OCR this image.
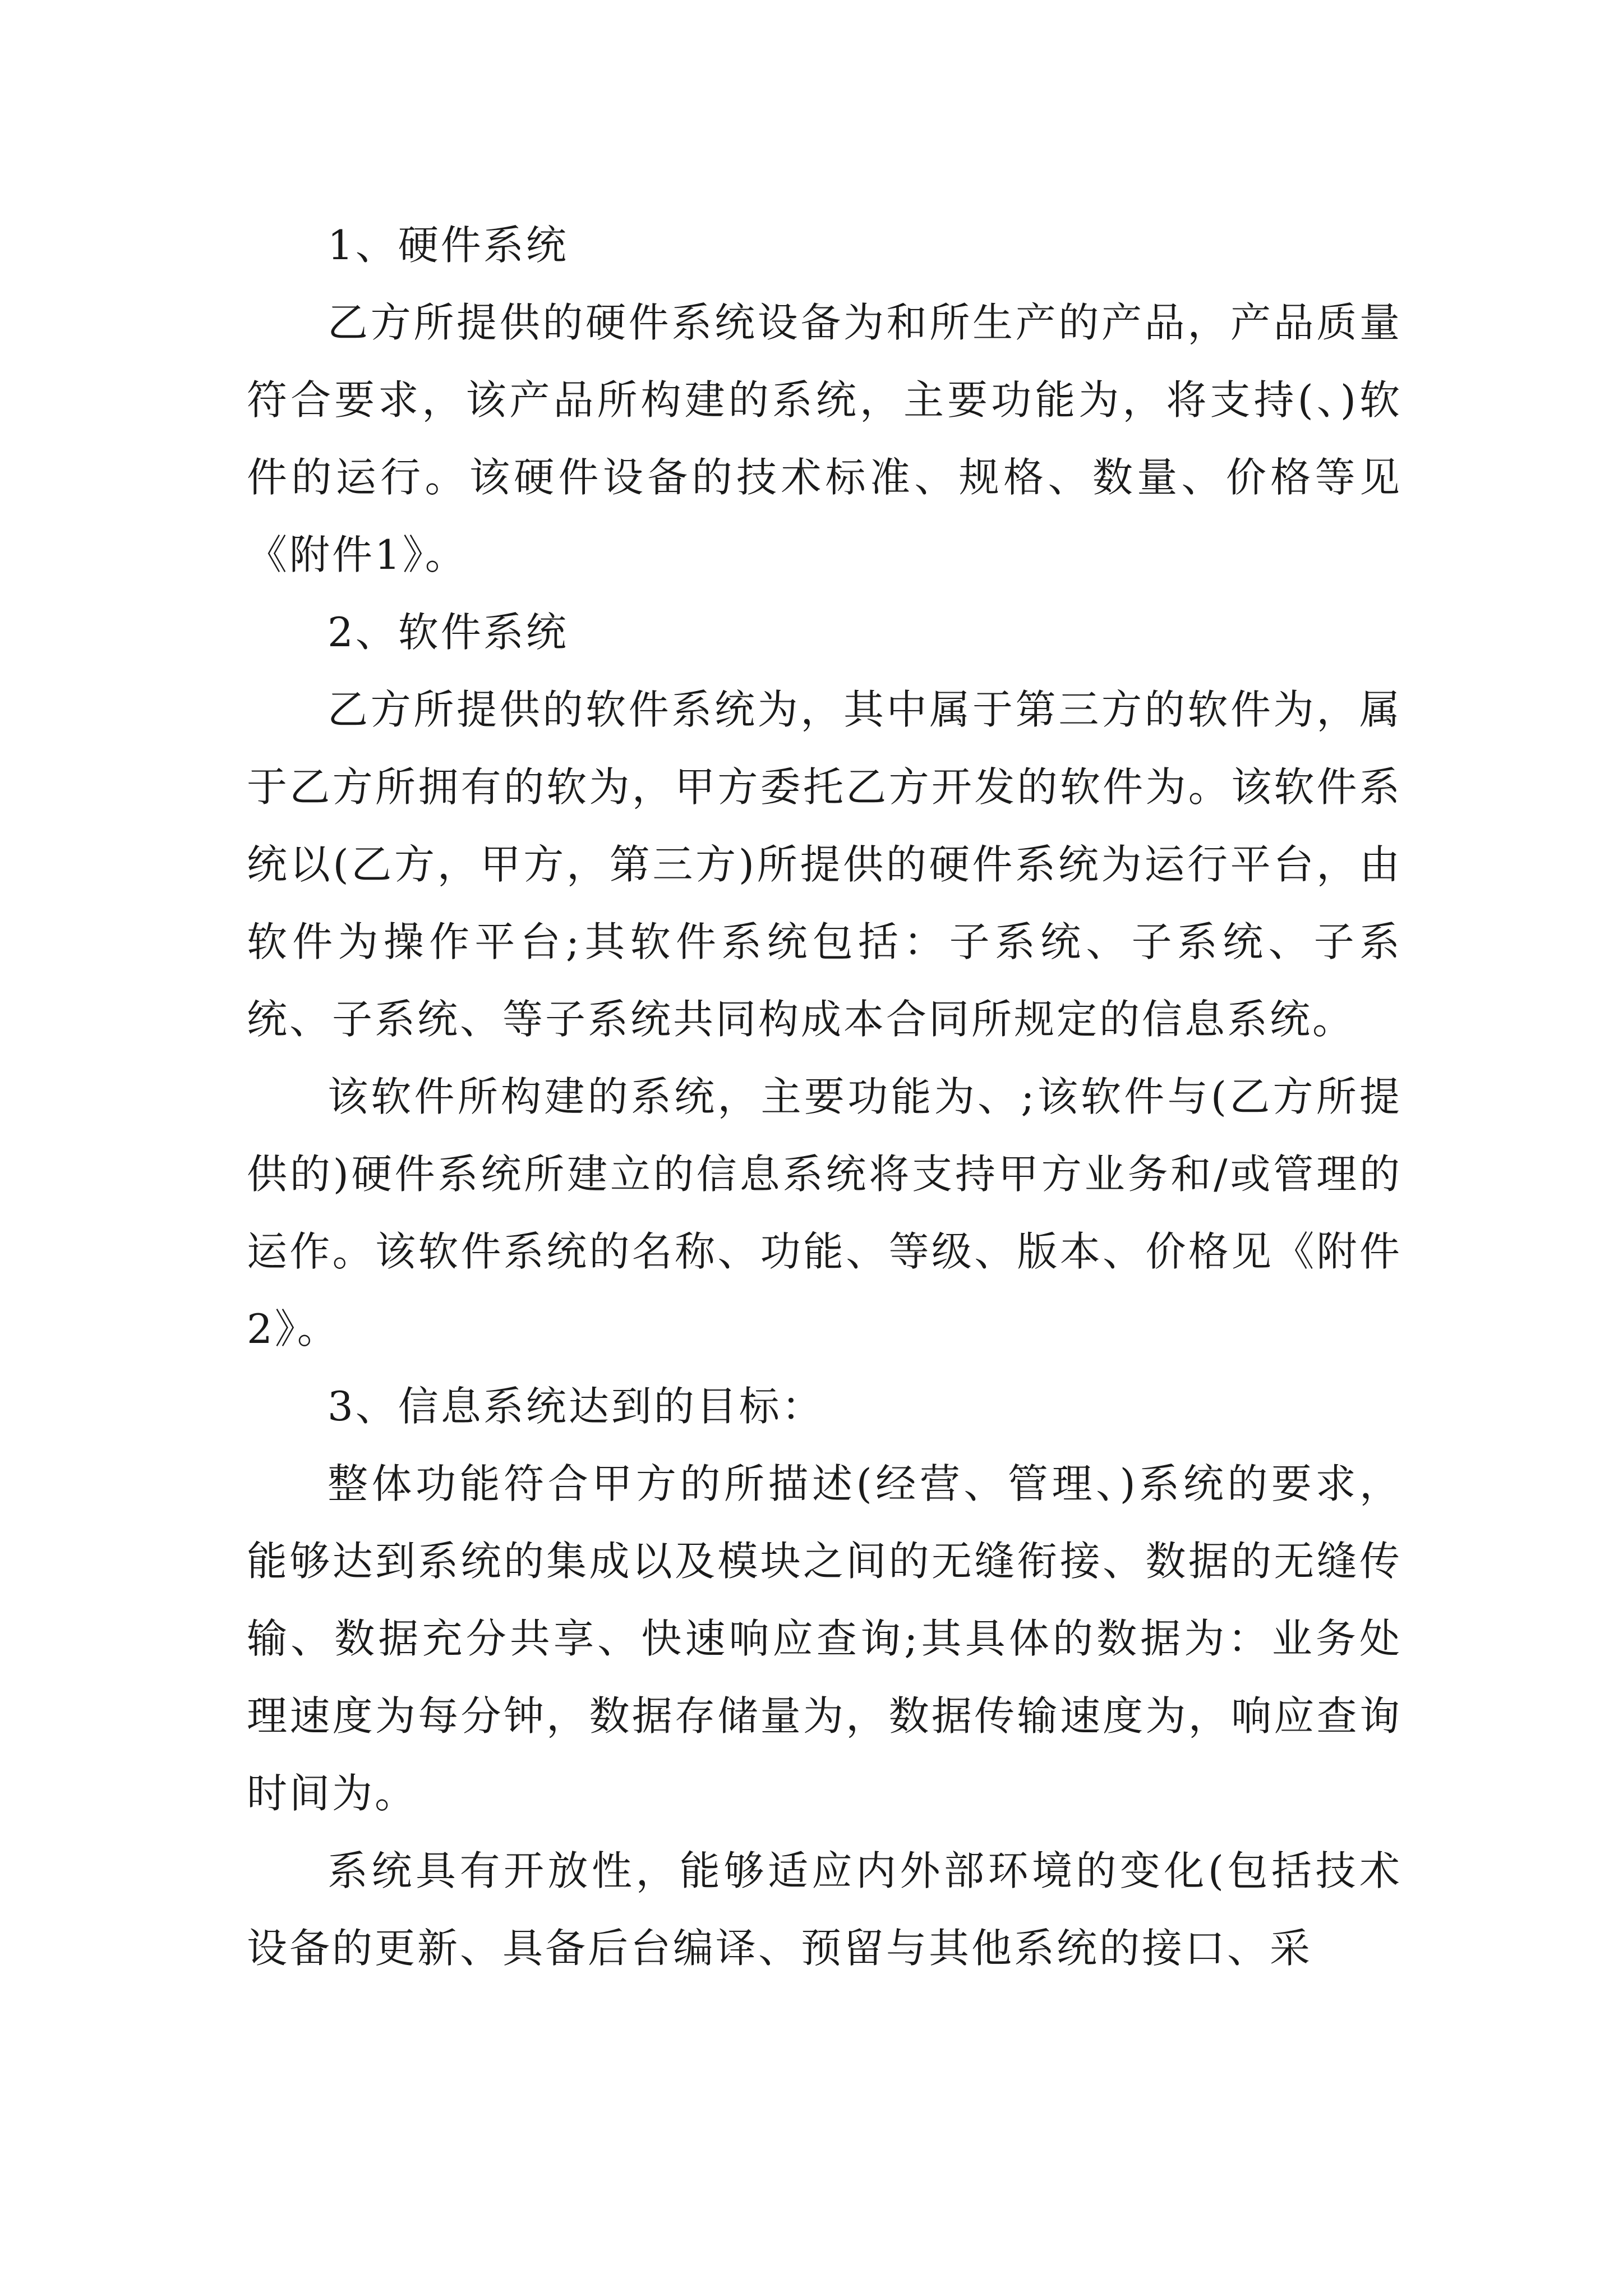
1、硬件系统

乙方所提供的硬件系统设备为和所生产的产品，产品质量符合要求，该产品所构建的系统，主要功能为，将支持(、)软件的运行。该硬件设备的技术标准、规格、数量、价格等见《附件1》。

2、软件系统

乙方所提供的软件系统为，其中属于第三方的软件为，属于乙方所拥有的软为，甲方委托乙方开发的软件为。该软件系统以(乙方，甲方，第三方)所提供的硬件系统为运行平台，由软件为操作平台;其软件系统包括：子系统、子系统、子系统、子系统、等子系统共同构成本合同所规定的信息系统。

该软件所构建的系统，主要功能为、;该软件与(乙方所提供的)硬件系统所建立的信息系统将支持甲方业务和/或管理的运作。该软件系统的名称、功能、等级、版本、价格见《附件2》。

3、信息系统达到的目标：

整体功能符合甲方的所描述(经营、管理、)系统的要求，能够达到系统的集成以及模块之间的无缝衔接、数据的无缝传输、数据充分共享、快速响应查询;其具体的数据为：业务处理速度为每分钟，数据存储量为，数据传输速度为，响应查询时间为。

系统具有开放性，能够适应内外部环境的变化(包括技术设备的更新、具备后台编译、预留与其他系统的接口、采
